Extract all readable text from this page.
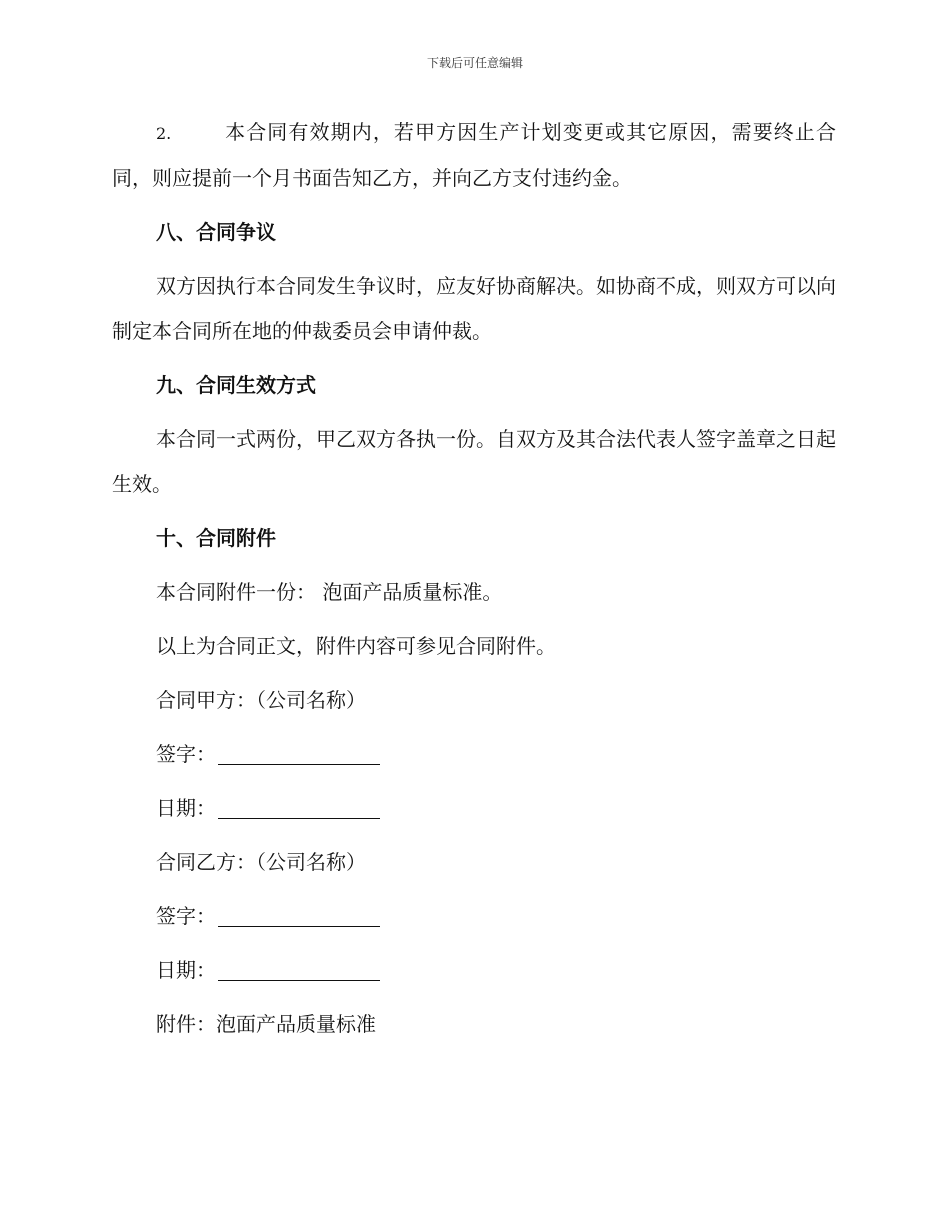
下载后可任意编辑

2.	本合同有效期内，若甲方因生产计划变更或其它原因，需要终止合同，则应提前一个月书面告知乙方，并向乙方支付违约金。

八、合同争议

双方因执行本合同发生争议时，应友好协商解决。如协商不成，则双方可以向制定本合同所在地的仲裁委员会申请仲裁。

九、合同生效方式

本合同一式两份，甲乙双方各执一份。自双方及其合法代表人签字盖章之日起生效。

十、合同附件

本合同附件一份： 泡面产品质量标准。

以上为合同正文，附件内容可参见合同附件。

合同甲方：（公司名称）

签字：

日期：

合同乙方：（公司名称）

签字：

日期：

附件：泡面产品质量标准
